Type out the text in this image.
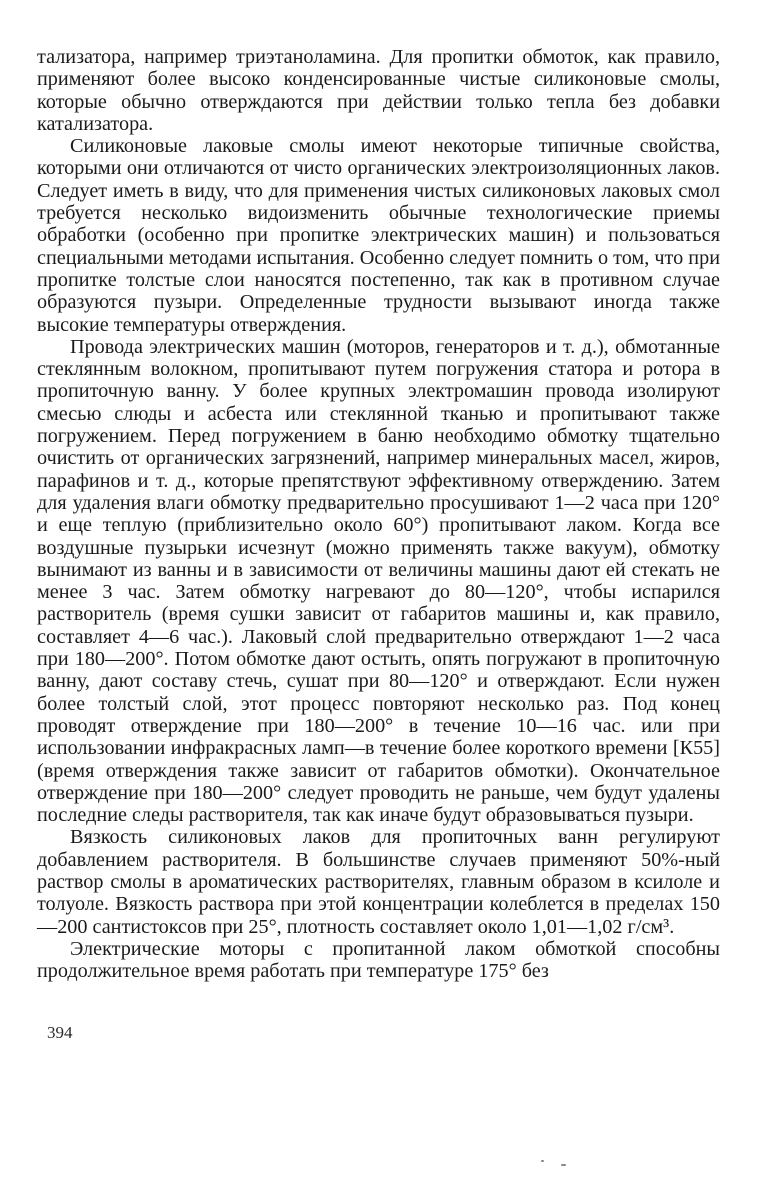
тализатора, например триэтаноламина. Для пропитки обмоток, как правило, применяют более высоко конденсированные чистые силиконовые смолы, которые обычно отверждаются при действии только тепла без добавки катализатора.

Силиконовые лаковые смолы имеют некоторые типичные свойства, которыми они отличаются от чисто органических электроизоляционных лаков. Следует иметь в виду, что для применения чистых силиконовых лаковых смол требуется несколько видоизменить обычные технологические приемы обработки (особенно при пропитке электрических машин) и пользоваться специальными методами испытания. Особенно следует помнить о том, что при пропитке толстые слои наносятся постепенно, так как в противном случае образуются пузыри. Определенные трудности вызывают иногда также высокие температуры отверждения.

Провода электрических машин (моторов, генераторов и т. д.), обмотанные стеклянным волокном, пропитывают путем погружения статора и ротора в пропиточную ванну. У более крупных электромашин провода изолируют смесью слюды и асбеста или стеклянной тканью и пропитывают также погружением. Перед погружением в баню необходимо обмотку тщательно очистить от органических загрязнений, например минеральных масел, жиров, парафинов и т. д., которые препятствуют эффективному отверждению. Затем для удаления влаги обмотку предварительно просушивают 1—2 часа при 120° и еще теплую (приблизительно около 60°) пропитывают лаком. Когда все воздушные пузырьки исчезнут (можно применять также вакуум), обмотку вынимают из ванны и в зависимости от величины машины дают ей стекать не менее 3 час. Затем обмотку нагревают до 80—120°, чтобы испарился растворитель (время сушки зависит от габаритов машины и, как правило, составляет 4—6 час.). Лаковый слой предварительно отверждают 1—2 часа при 180—200°. Потом обмотке дают остыть, опять погружают в пропиточную ванну, дают составу стечь, сушат при 80—120° и отверждают. Если нужен более толстый слой, этот процесс повторяют несколько раз. Под конец проводят отверждение при 180—200° в течение 10—16 час. или при использовании инфракрасных ламп—в течение более короткого времени [К55] (время отверждения также зависит от габаритов обмотки). Окончательное отверждение при 180—200° следует проводить не раньше, чем будут удалены последние следы растворителя, так как иначе будут образовываться пузыри.

Вязкость силиконовых лаков для пропиточных ванн регулируют добавлением растворителя. В большинстве случаев применяют 50%-ный раствор смолы в ароматических растворителях, главным образом в ксилоле и толуоле. Вязкость раствора при этой концентрации колеблется в пределах 150—200 сантистоксов при 25°, плотность составляет около 1,01—1,02 г/см³.

Электрические моторы с пропитанной лаком обмоткой способны продолжительное время работать при температуре 175° без

394
